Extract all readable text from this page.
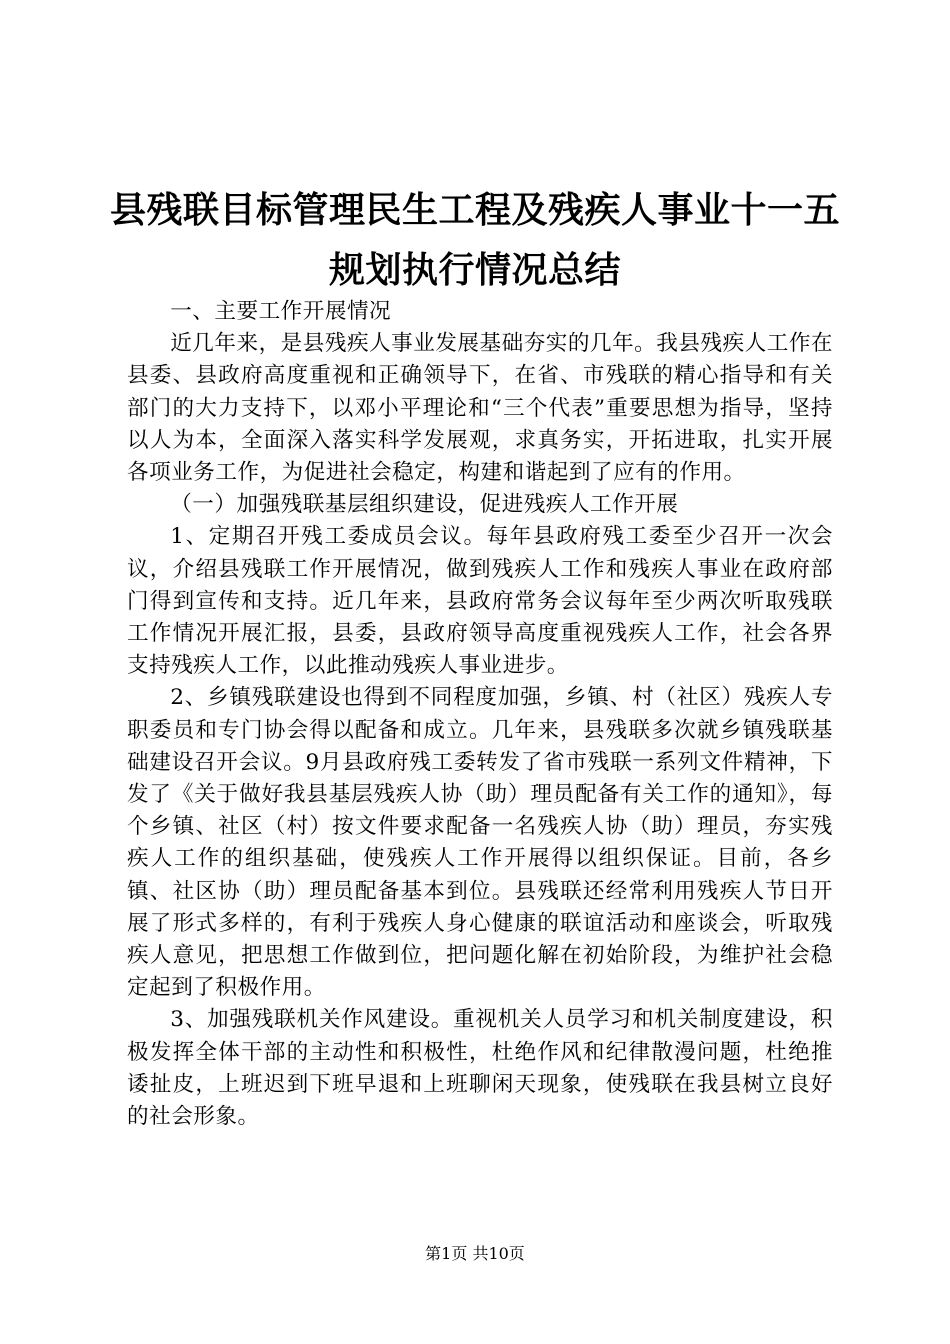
县残联目标管理民生工程及残疾人事业十一五
规划执行情况总结

一、主要工作开展情况

近几年来，是县残疾人事业发展基础夯实的几年。我县残疾人工作在县委、县政府高度重视和正确领导下，在省、市残联的精心指导和有关部门的大力支持下，以邓小平理论和“三个代表”重要思想为指导，坚持以人为本，全面深入落实科学发展观，求真务实，开拓进取，扎实开展各项业务工作，为促进社会稳定，构建和谐起到了应有的作用。

（一）加强残联基层组织建设，促进残疾人工作开展

1、定期召开残工委成员会议。每年县政府残工委至少召开一次会议，介绍县残联工作开展情况，做到残疾人工作和残疾人事业在政府部门得到宣传和支持。近几年来，县政府常务会议每年至少两次听取残联工作情况开展汇报，县委，县政府领导高度重视残疾人工作，社会各界支持残疾人工作，以此推动残疾人事业进步。

2、乡镇残联建设也得到不同程度加强，乡镇、村（社区）残疾人专职委员和专门协会得以配备和成立。几年来，县残联多次就乡镇残联基础建设召开会议。9月县政府残工委转发了省市残联一系列文件精神，下发了《关于做好我县基层残疾人协（助）理员配备有关工作的通知》，每个乡镇、社区（村）按文件要求配备一名残疾人协（助）理员，夯实残疾人工作的组织基础，使残疾人工作开展得以组织保证。目前，各乡镇、社区协（助）理员配备基本到位。县残联还经常利用残疾人节日开展了形式多样的，有利于残疾人身心健康的联谊活动和座谈会，听取残疾人意见，把思想工作做到位，把问题化解在初始阶段，为维护社会稳定起到了积极作用。

3、加强残联机关作风建设。重视机关人员学习和机关制度建设，积极发挥全体干部的主动性和积极性，杜绝作风和纪律散漫问题，杜绝推诿扯皮，上班迟到下班早退和上班聊闲天现象，使残联在我县树立良好的社会形象。

第1页 共10页
